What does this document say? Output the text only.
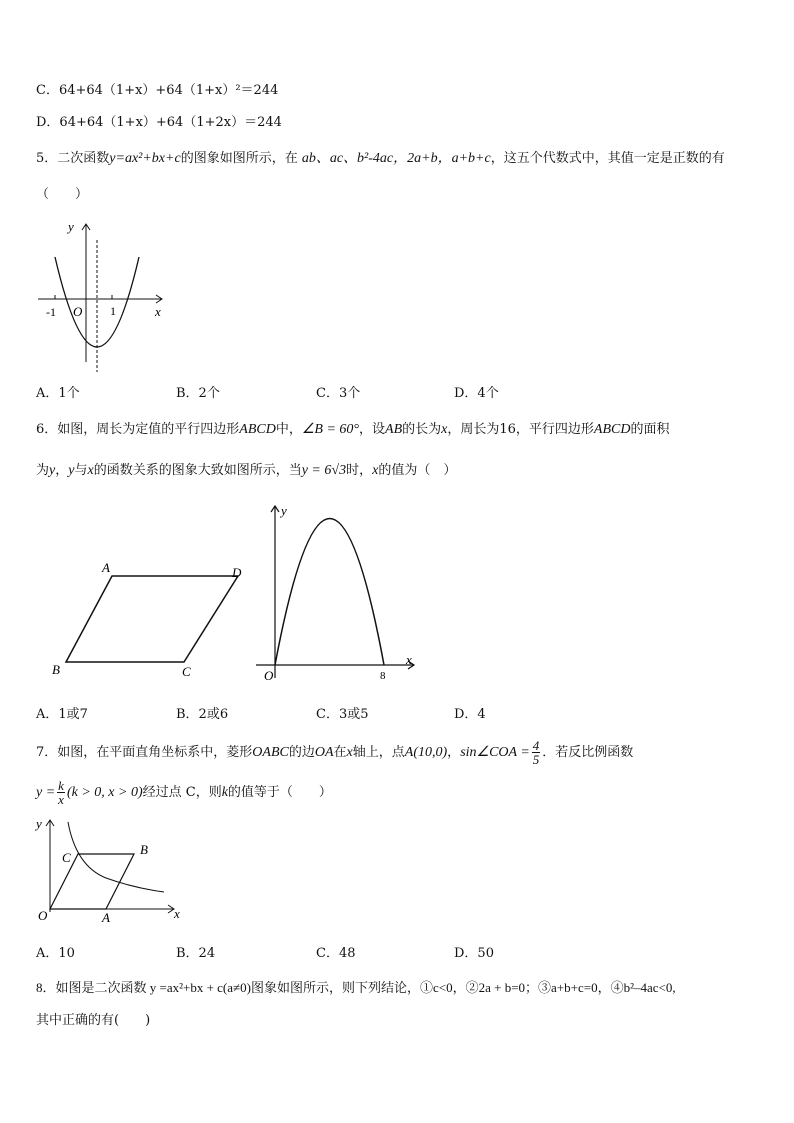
C．64+64（1+x）+64（1+x）²＝244
D．64+64（1+x）+64（1+2x）＝244
5．二次函数y=ax²+bx+c的图象如图所示，在 ab、ac、b²-4ac，2a+b，a+b+c，这五个代数式中，其值一定是正数的有
（　　）
y
x
O
-1	1
A．1个	B．2个	C．3个	D．4个
6．如图，周长为定值的平行四边形ABCD中，∠B = 60°，设AB的长为x，周长为16，平行四边形ABCD的面积
为y，y与x的函数关系的图象大致如图所示，当y = 6√3时，x的值为（　）
A	D
B	C
y
x
O	8
A．1或7	B．2或6	C．3或5	D．4
7．如图，在平面直角坐标系中，菱形OABC的边OA在x轴上，点A(10,0)，sin∠COA = $\frac{4}{5}$ ．若反比例函数
$y = \frac{k}{x} (k > 0$, x > 0)经过点 C，则k的值等于（　　）
y
x
O	A
B
C
A．10	B．24	C．48	D．50
8．如图是二次函数 y =ax²+bx + c(a≠0)图象如图所示，则下列结论，①c<0，②2a + b=0；③a+b+c=0，④b²–4ac<0,
其中正确的有(　　)
